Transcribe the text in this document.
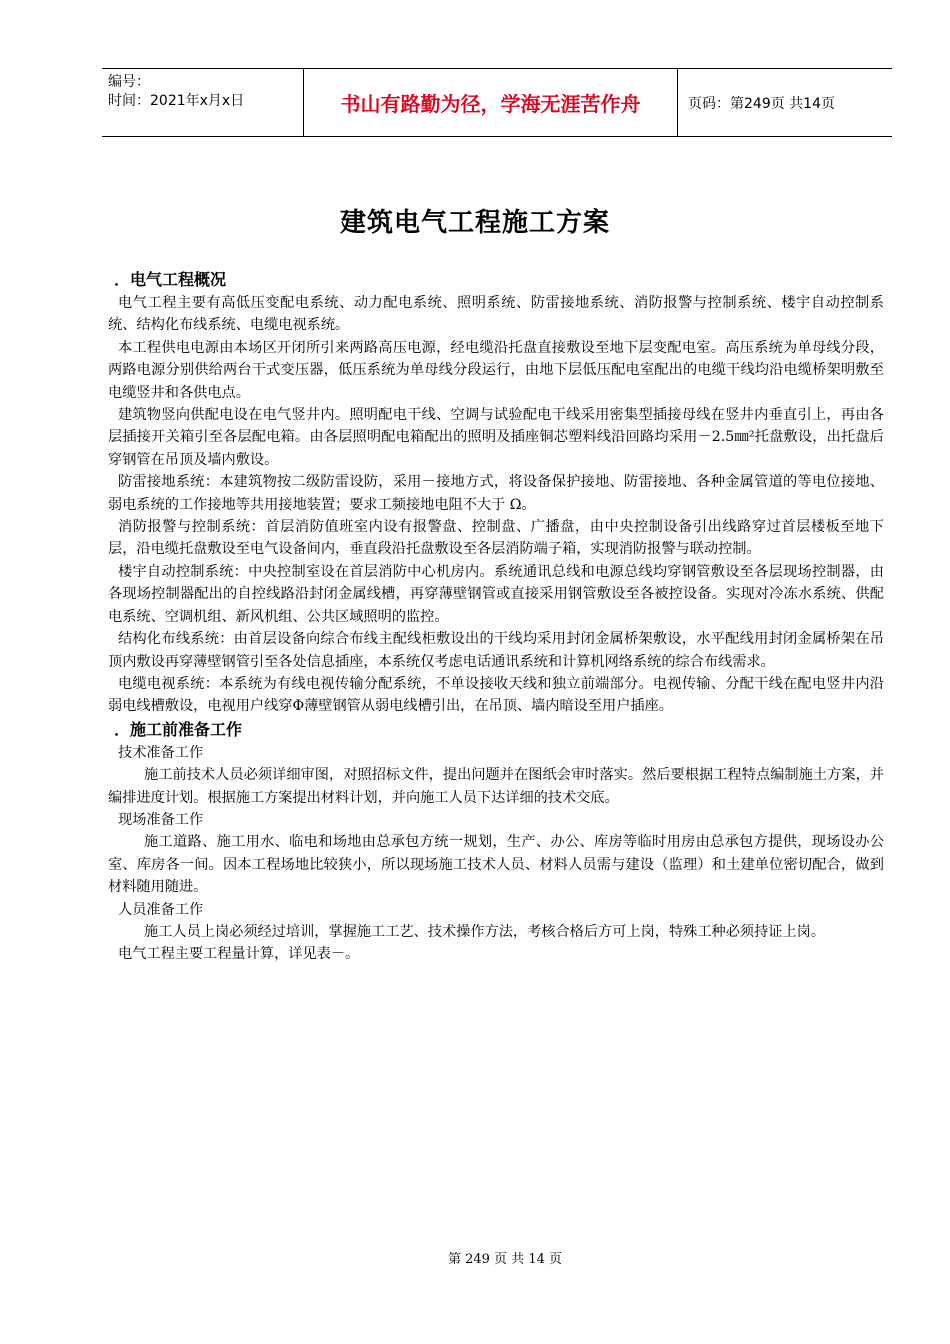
编号：
时间：2021年x月x日	书山有路勤为径，学海无涯苦作舟	页码：第249页 共14页
建筑电气工程施工方案
．电气工程概况
电气工程主要有高低压变配电系统、动力配电系统、照明系统、防雷接地系统、消防报警与控制系统、楼宇自动控制系统、结构化布线系统、电缆电视系统。
本工程供电电源由本场区开闭所引来两路高压电源，经电缆沿托盘直接敷设至地下层变配电室。高压系统为单母线分段，两路电源分别供给两台干式变压器，低压系统为单母线分段运行，由地下层低压配电室配出的电缆干线均沿电缆桥架明敷至电缆竖井和各供电点。
建筑物竖向供配电设在电气竖井内。照明配电干线、空调与试验配电干线采用密集型插接母线在竖井内垂直引上，再由各层插接开关箱引至各层配电箱。由各层照明配电箱配出的照明及插座铜芯塑料线沿回路均采用－2.5㎜²托盘敷设，出托盘后穿钢管在吊顶及墙内敷设。
防雷接地系统：本建筑物按二级防雷设防，采用－接地方式，将设备保护接地、防雷接地、各种金属管道的等电位接地、弱电系统的工作接地等共用接地装置；要求工频接地电阻不大于 Ω。
消防报警与控制系统：首层消防值班室内设有报警盘、控制盘、广播盘，由中央控制设备引出线路穿过首层楼板至地下层，沿电缆托盘敷设至电气设备间内，垂直段沿托盘敷设至各层消防端子箱，实现消防报警与联动控制。
楼宇自动控制系统：中央控制室设在首层消防中心机房内。系统通讯总线和电源总线均穿钢管敷设至各层现场控制器，由各现场控制器配出的自控线路沿封闭金属线槽，再穿薄壁钢管或直接采用钢管敷设至各被控设备。实现对冷冻水系统、供配电系统、空调机组、新风机组、公共区域照明的监控。
结构化布线系统：由首层设备向综合布线主配线柜敷设出的干线均采用封闭金属桥架敷设，水平配线用封闭金属桥架在吊顶内敷设再穿薄壁钢管引至各处信息插座，本系统仅考虑电话通讯系统和计算机网络系统的综合布线需求。
电缆电视系统：本系统为有线电视传输分配系统，不单设接收天线和独立前端部分。电视传输、分配干线在配电竖井内沿弱电线槽敷设，电视用户线穿Φ薄壁钢管从弱电线槽引出，在吊顶、墙内暗设至用户插座。
．施工前准备工作
技术准备工作
施工前技术人员必须详细审图，对照招标文件，提出问题并在图纸会审时落实。然后要根据工程特点编制施土方案，并编排进度计划。根据施工方案提出材料计划，并向施工人员下达详细的技术交底。
现场准备工作
施工道路、施工用水、临电和场地由总承包方统一规划，生产、办公、库房等临时用房由总承包方提供，现场设办公室、库房各一间。因本工程场地比较狭小，所以现场施工技术人员、材料人员需与建设（监理）和土建单位密切配合，做到材料随用随进。
人员准备工作
施工人员上岗必须经过培训，掌握施工工艺、技术操作方法，考核合格后方可上岗，特殊工种必须持证上岗。
电气工程主要工程量计算，详见表－。
第 249 页 共 14 页
